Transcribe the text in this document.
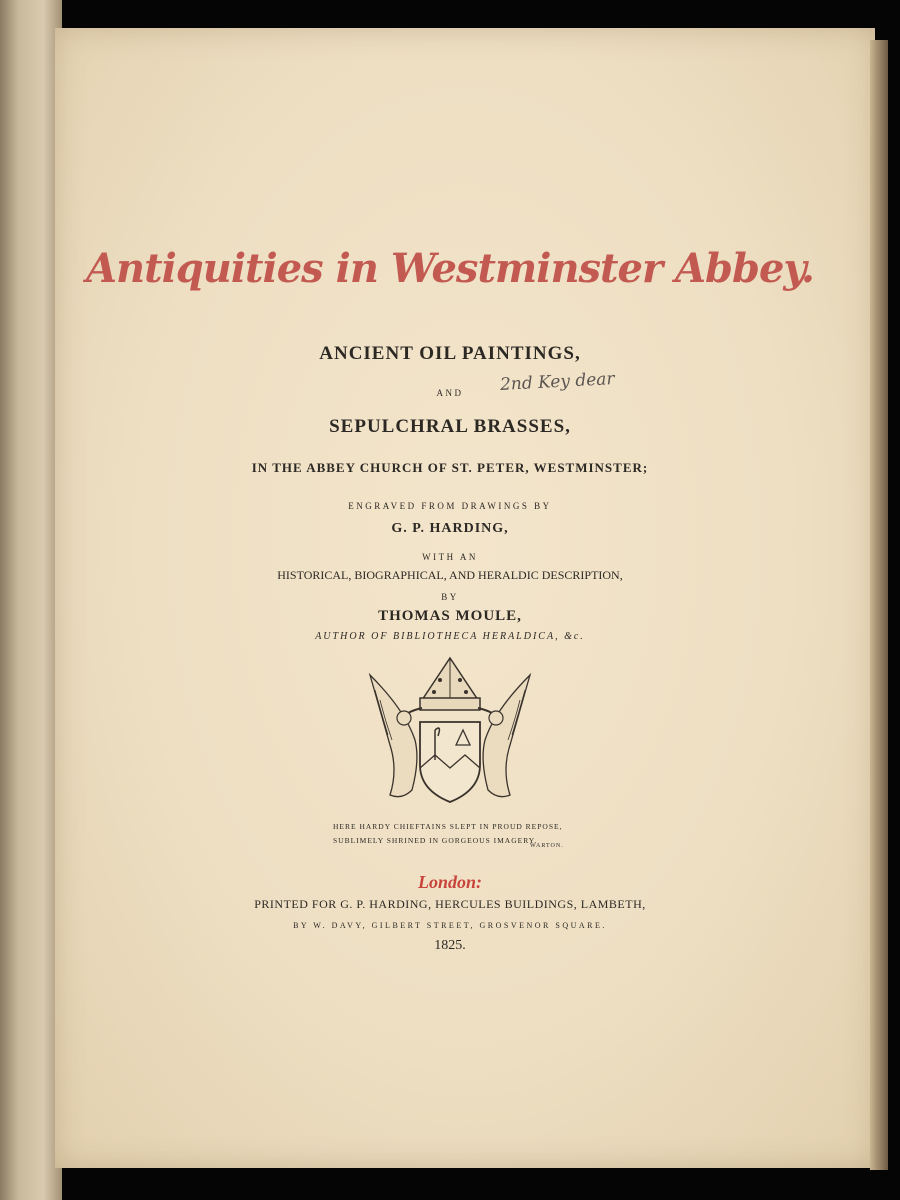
Antiquities in Westminster Abbey.
ANCIENT OIL PAINTINGS,
AND	2nd Key dear
SEPULCHRAL BRASSES,
IN THE ABBEY CHURCH OF ST. PETER, WESTMINSTER;
ENGRAVED FROM DRAWINGS BY
G. P. HARDING,
WITH AN
HISTORICAL, BIOGRAPHICAL, AND HERALDIC DESCRIPTION,
BY
THOMAS MOULE,
AUTHOR OF BIBLIOTHECA HERALDICA, &c.
HERE HARDY CHIEFTAINS SLEPT IN PROUD REPOSE,
SUBLIMELY SHRINED IN GORGEOUS IMAGERY.
WARTON.
London:
PRINTED FOR G. P. HARDING, HERCULES BUILDINGS, LAMBETH,
BY W. DAVY, GILBERT STREET, GROSVENOR SQUARE.
1825.
